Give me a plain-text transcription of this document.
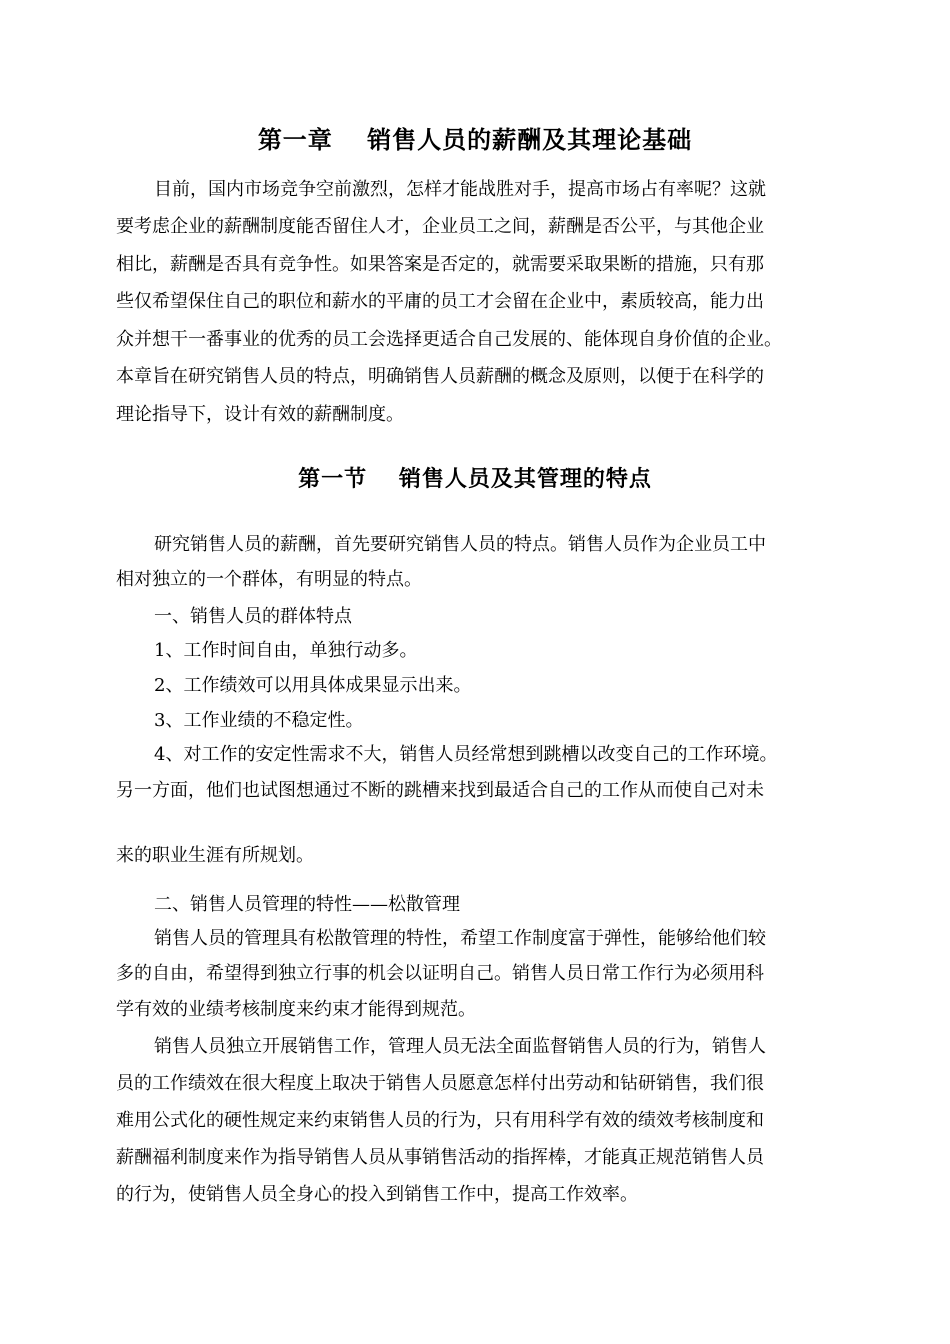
第一章　 销售人员的薪酬及其理论基础
目前，国内市场竞争空前激烈，怎样才能战胜对手，提高市场占有率呢？这就
要考虑企业的薪酬制度能否留住人才，企业员工之间，薪酬是否公平，与其他企业
相比，薪酬是否具有竞争性。如果答案是否定的，就需要采取果断的措施，只有那
些仅希望保住自己的职位和薪水的平庸的员工才会留在企业中，素质较高，能力出
众并想干一番事业的优秀的员工会选择更适合自己发展的、能体现自身价值的企业。
本章旨在研究销售人员的特点，明确销售人员薪酬的概念及原则，以便于在科学的
理论指导下，设计有效的薪酬制度。
第一节　 销售人员及其管理的特点
研究销售人员的薪酬，首先要研究销售人员的特点。销售人员作为企业员工中
相对独立的一个群体，有明显的特点。
一、销售人员的群体特点
1、工作时间自由，单独行动多。
2、工作绩效可以用具体成果显示出来。
3、工作业绩的不稳定性。
4、对工作的安定性需求不大，销售人员经常想到跳槽以改变自己的工作环境。
另一方面，他们也试图想通过不断的跳槽来找到最适合自己的工作从而使自己对未
来的职业生涯有所规划。
二、销售人员管理的特性——松散管理
销售人员的管理具有松散管理的特性，希望工作制度富于弹性，能够给他们较
多的自由，希望得到独立行事的机会以证明自己。销售人员日常工作行为必须用科
学有效的业绩考核制度来约束才能得到规范。
销售人员独立开展销售工作，管理人员无法全面监督销售人员的行为，销售人
员的工作绩效在很大程度上取决于销售人员愿意怎样付出劳动和钻研销售，我们很
难用公式化的硬性规定来约束销售人员的行为，只有用科学有效的绩效考核制度和
薪酬福利制度来作为指导销售人员从事销售活动的指挥棒，才能真正规范销售人员
的行为，使销售人员全身心的投入到销售工作中，提高工作效率。
